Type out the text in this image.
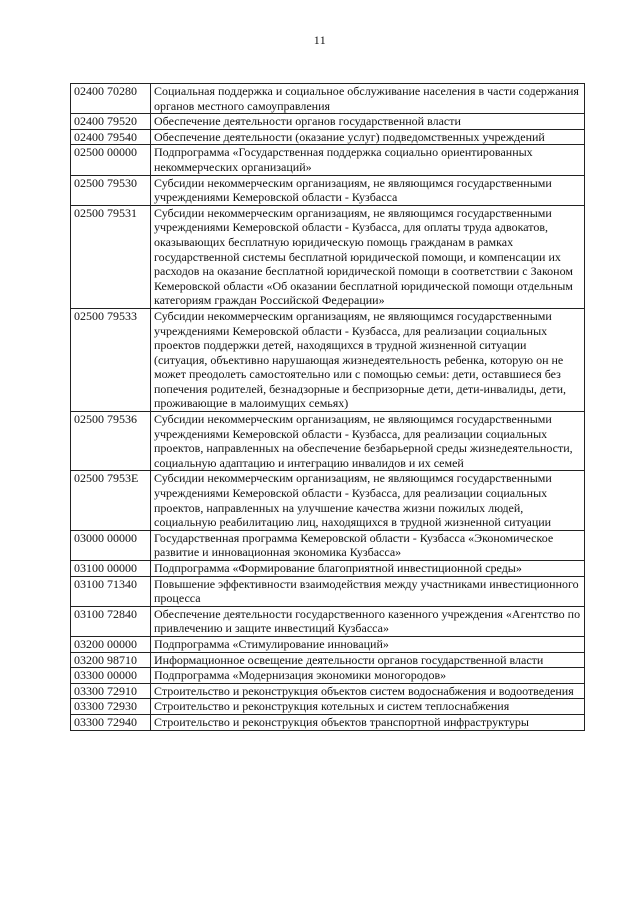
11
02400 70280	Социальная поддержка и социальное обслуживание населения в части содержания органов местного самоуправления
02400 79520	Обеспечение деятельности органов государственной власти
02400 79540	Обеспечение деятельности (оказание услуг) подведомственных учреждений
02500 00000	Подпрограмма «Государственная поддержка социально ориентированных некоммерческих организаций»
02500 79530	Субсидии некоммерческим организациям, не являющимся государственными учреждениями Кемеровской области - Кузбасса
02500 79531	Субсидии некоммерческим организациям, не являющимся государственными учреждениями Кемеровской области - Кузбасса, для оплаты труда адвокатов, оказывающих бесплатную юридическую помощь гражданам в рамках государственной системы бесплатной юридической помощи, и компенсации их расходов на оказание бесплатной юридической помощи в соответствии с Законом Кемеровской области «Об оказании бесплатной юридической помощи отдельным категориям граждан Российской Федерации»
02500 79533	Субсидии некоммерческим организациям, не являющимся государственными учреждениями Кемеровской области - Кузбасса, для реализации социальных проектов поддержки детей, находящихся в трудной жизненной ситуации (ситуация, объективно нарушающая жизнедеятельность ребенка, которую он не может преодолеть самостоятельно или с помощью семьи: дети, оставшиеся без попечения родителей, безнадзорные и беспризорные дети, дети-инвалиды, дети, проживающие в малоимущих семьях)
02500 79536	Субсидии некоммерческим организациям, не являющимся государственными учреждениями Кемеровской области - Кузбасса, для реализации социальных проектов, направленных на обеспечение безбарьерной среды жизнедеятельности, социальную адаптацию и интеграцию инвалидов и их семей
02500 7953Е	Субсидии некоммерческим организациям, не являющимся государственными учреждениями Кемеровской области - Кузбасса, для реализации социальных проектов, направленных на улучшение качества жизни пожилых людей, социальную реабилитацию лиц, находящихся в трудной жизненной ситуации
03000 00000	Государственная программа Кемеровской области - Кузбасса «Экономическое развитие и инновационная экономика Кузбасса»
03100 00000	Подпрограмма «Формирование благоприятной инвестиционной среды»
03100 71340	Повышение эффективности взаимодействия между участниками инвестиционного процесса
03100 72840	Обеспечение деятельности государственного казенного учреждения «Агентство по привлечению и защите инвестиций Кузбасса»
03200 00000	Подпрограмма «Стимулирование инноваций»
03200 98710	Информационное освещение деятельности органов государственной власти
03300 00000	Подпрограмма «Модернизация экономики моногородов»
03300 72910	Строительство и реконструкция объектов систем водоснабжения и водоотведения
03300 72930	Строительство и реконструкция котельных и систем теплоснабжения
03300 72940	Строительство и реконструкция объектов транспортной инфраструктуры
